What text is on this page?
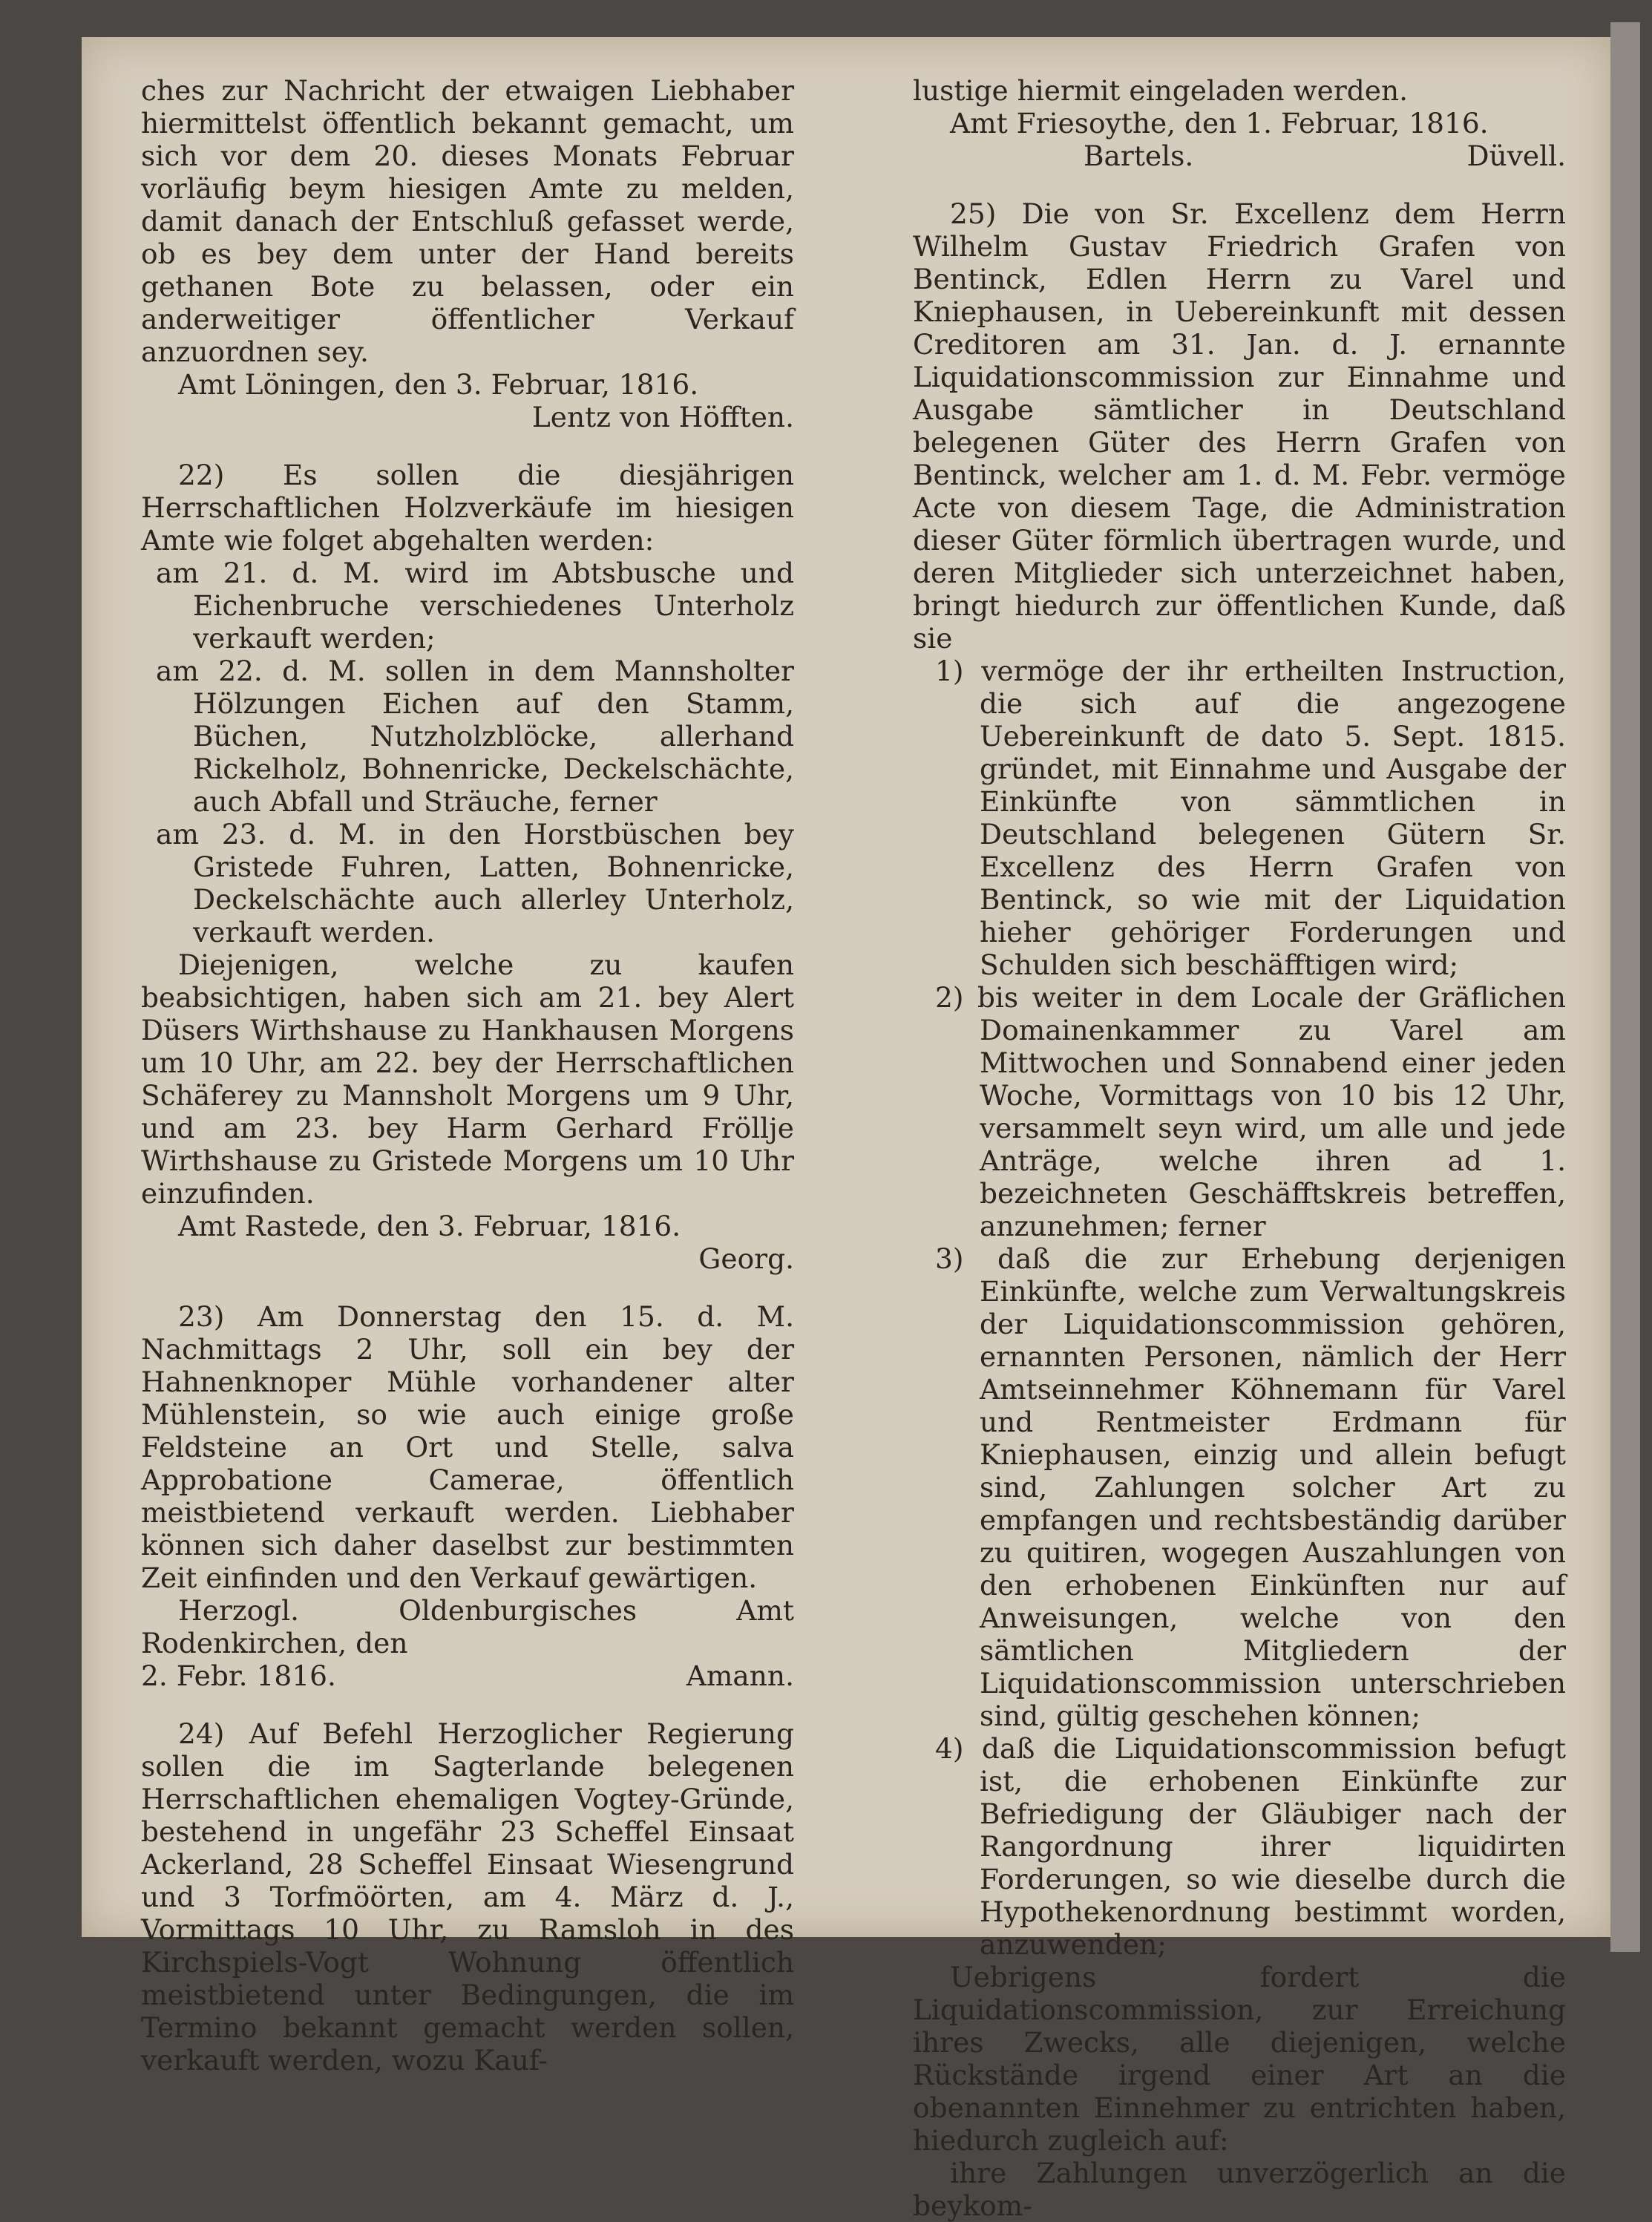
ches zur Nachricht der etwaigen Liebhaber hiermittelst öffentlich bekannt gemacht, um sich vor dem 20. dieses Monats Februar vorläufig beym hiesigen Amte zu melden, damit danach der Entschluß gefasset werde, ob es bey dem unter der Hand bereits gethanen Bote zu belassen, oder ein anderweitiger öffentlicher Verkauf anzuordnen sey.

Amt Löningen, den 3. Februar, 1816.

Lentz von Höfften.

22) Es sollen die diesjährigen Herrschaftlichen Holzverkäufe im hiesigen Amte wie folget abgehalten werden:

am 21. d. M. wird im Abtsbusche und Eichenbruche verschiedenes Unterholz verkauft werden;

am 22. d. M. sollen in dem Mannsholter Hölzungen Eichen auf den Stamm, Büchen, Nutzholzblöcke, allerhand Rickelholz, Bohnenricke, Deckelschächte, auch Abfall und Sträuche, ferner

am 23. d. M. in den Horstbüschen bey Gristede Fuhren, Latten, Bohnenricke, Deckelschächte auch allerley Unterholz, verkauft werden.

Diejenigen, welche zu kaufen beabsichtigen, haben sich am 21. bey Alert Düsers Wirthshause zu Hankhausen Morgens um 10 Uhr, am 22. bey der Herrschaftlichen Schäferey zu Mannsholt Morgens um 9 Uhr, und am 23. bey Harm Gerhard Fröllje Wirthshause zu Gristede Morgens um 10 Uhr einzufinden.

Amt Rastede, den 3. Februar, 1816.

Georg.

23) Am Donnerstag den 15. d. M. Nachmittags 2 Uhr, soll ein bey der Hahnenknoper Mühle vorhandener alter Mühlenstein, so wie auch einige große Feldsteine an Ort und Stelle, salva Approbatione Camerae, öffentlich meistbietend verkauft werden. Liebhaber können sich daher daselbst zur bestimmten Zeit einfinden und den Verkauf gewärtigen.

Herzogl. Oldenburgisches Amt Rodenkirchen, den

2. Febr. 1816.	Amann.

24) Auf Befehl Herzoglicher Regierung sollen die im Sagterlande belegenen Herrschaftlichen ehemaligen Vogtey-Gründe, bestehend in ungefähr 23 Scheffel Einsaat Ackerland, 28 Scheffel Einsaat Wiesengrund und 3 Torfmöörten, am 4. März d. J., Vormittags 10 Uhr, zu Ramsloh in des Kirchspiels-Vogt Wohnung öffentlich meistbietend unter Bedingungen, die im Termino bekannt gemacht werden sollen, verkauft werden, wozu Kauf-

lustige hiermit eingeladen werden.

Amt Friesoythe, den 1. Februar, 1816.

Bartels.	Düvell.

25) Die von Sr. Excellenz dem Herrn Wilhelm Gustav Friedrich Grafen von Bentinck, Edlen Herrn zu Varel und Kniephausen, in Uebereinkunft mit dessen Creditoren am 31. Jan. d. J. ernannte Liquidationscommission zur Einnahme und Ausgabe sämtlicher in Deutschland belegenen Güter des Herrn Grafen von Bentinck, welcher am 1. d. M. Febr. vermöge Acte von diesem Tage, die Administration dieser Güter förmlich übertragen wurde, und deren Mitglieder sich unterzeichnet haben, bringt hiedurch zur öffentlichen Kunde, daß sie

1) vermöge der ihr ertheilten Instruction, die sich auf die angezogene Uebereinkunft de dato 5. Sept. 1815. gründet, mit Einnahme und Ausgabe der Einkünfte von sämmtlichen in Deutschland belegenen Gütern Sr. Excellenz des Herrn Grafen von Bentinck, so wie mit der Liquidation hieher gehöriger Forderungen und Schulden sich beschäfftigen wird;

2) bis weiter in dem Locale der Gräflichen Domainenkammer zu Varel am Mittwochen und Sonnabend einer jeden Woche, Vormittags von 10 bis 12 Uhr, versammelt seyn wird, um alle und jede Anträge, welche ihren ad 1. bezeichneten Geschäfftskreis betreffen, anzunehmen; ferner

3) daß die zur Erhebung derjenigen Einkünfte, welche zum Verwaltungskreis der Liquidationscommission gehören, ernannten Personen, nämlich der Herr Amtseinnehmer Köhnemann für Varel und Rentmeister Erdmann für Kniephausen, einzig und allein befugt sind, Zahlungen solcher Art zu empfangen und rechtsbeständig darüber zu quitiren, wogegen Auszahlungen von den erhobenen Einkünften nur auf Anweisungen, welche von den sämtlichen Mitgliedern der Liquidationscommission unterschrieben sind, gültig geschehen können;

4) daß die Liquidationscommission befugt ist, die erhobenen Einkünfte zur Befriedigung der Gläubiger nach der Rangordnung ihrer liquidirten Forderungen, so wie dieselbe durch die Hypothekenordnung bestimmt worden, anzuwenden;

Uebrigens fordert die Liquidationscommission, zur Erreichung ihres Zwecks, alle diejenigen, welche Rückstände irgend einer Art an die obenannten Einnehmer zu entrichten haben, hiedurch zugleich auf:

ihre Zahlungen unverzögerlich an die beykom-
